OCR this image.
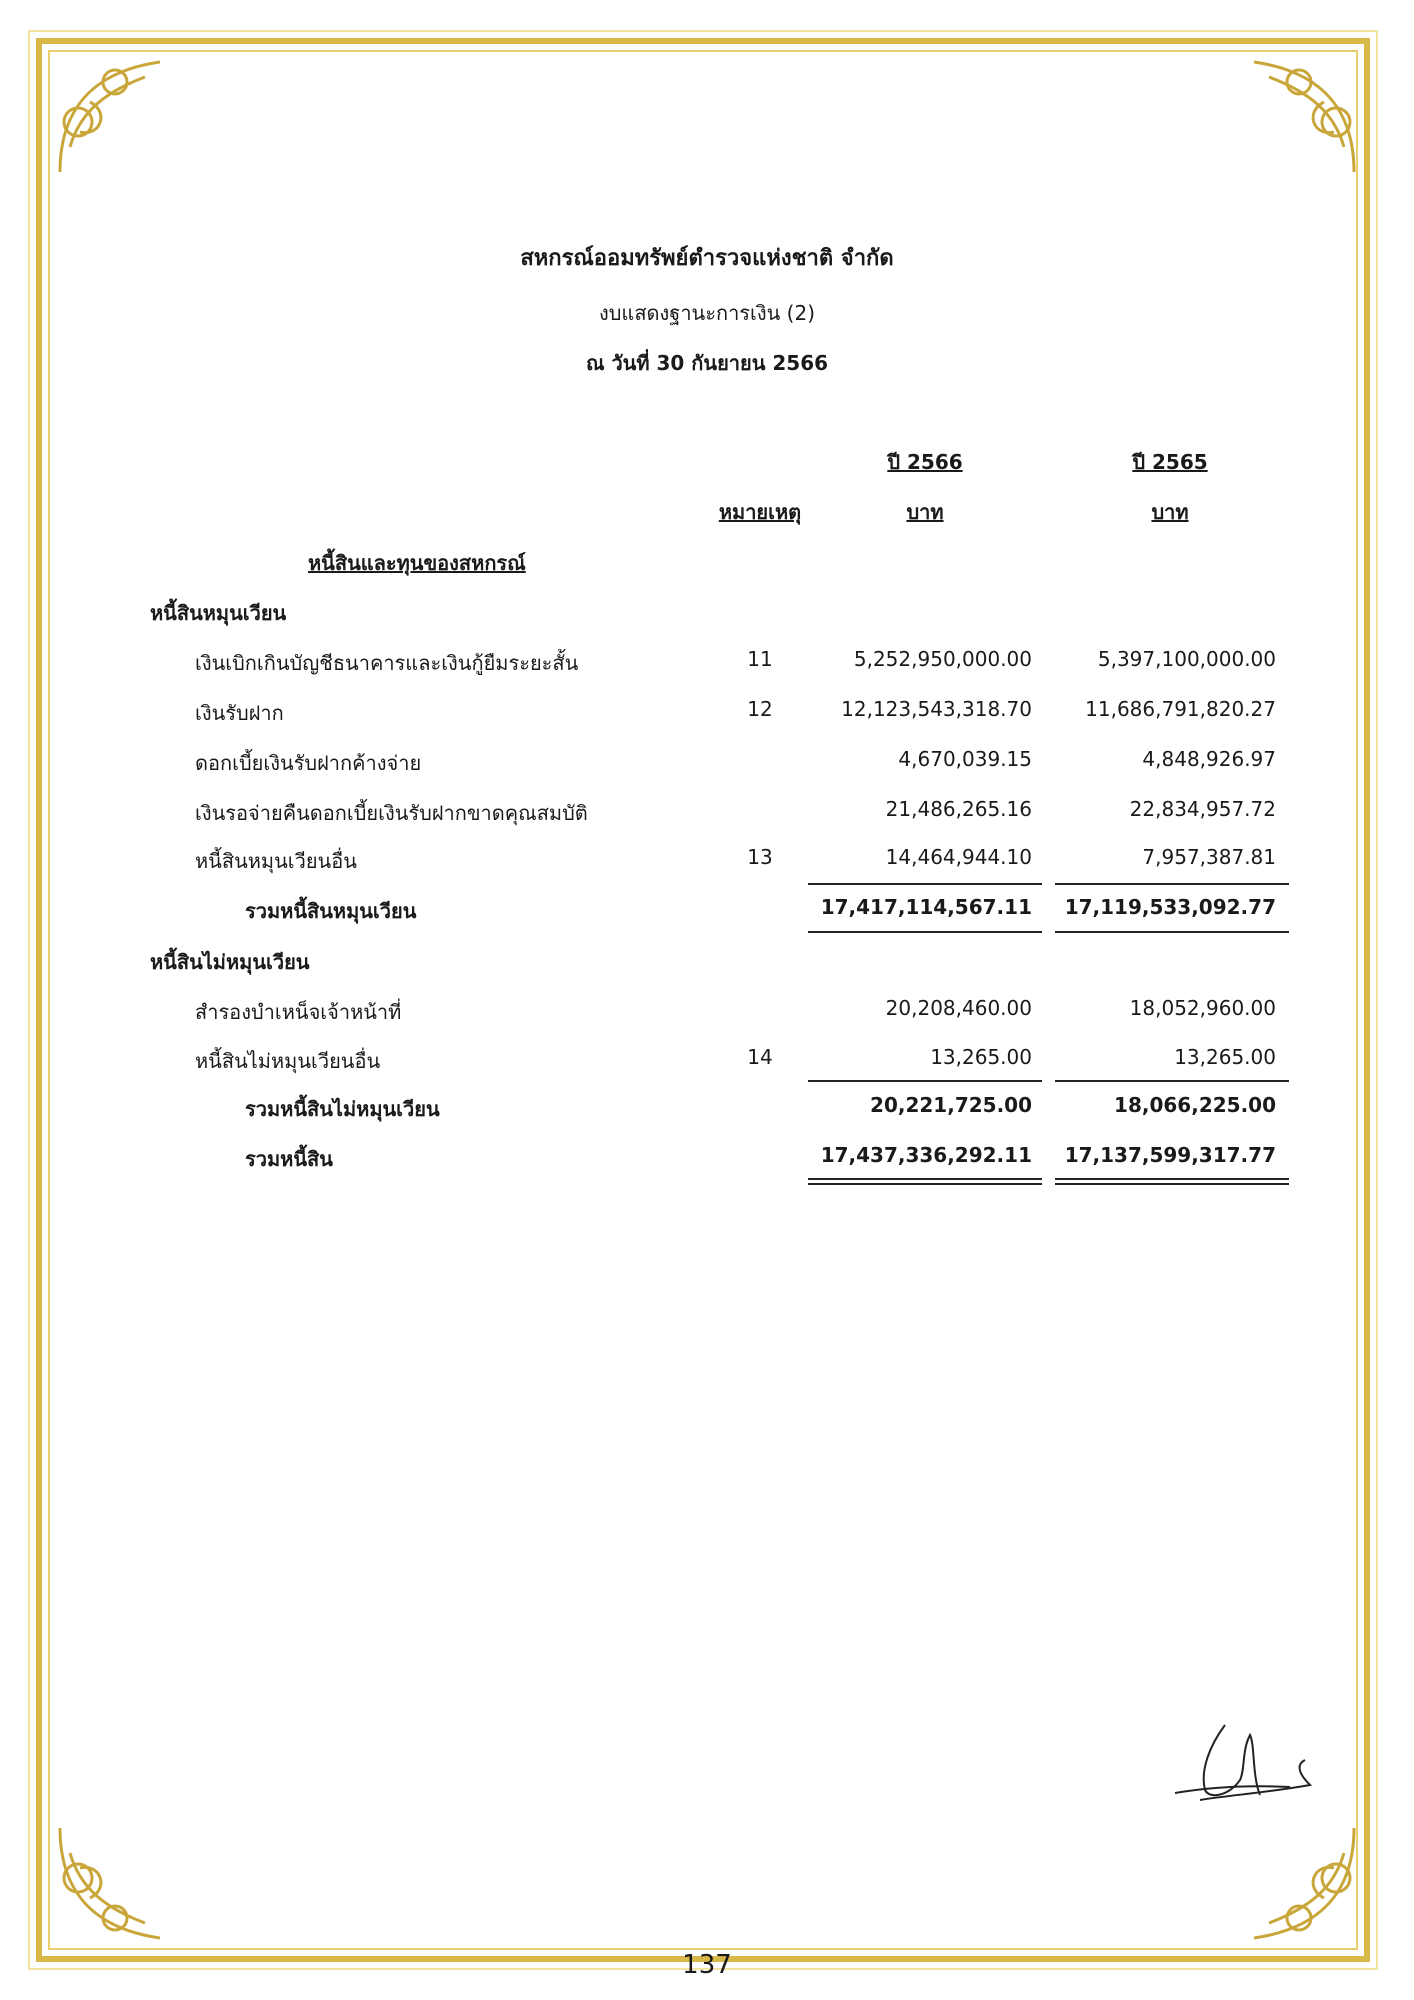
สหกรณ์ออมทรัพย์ตำรวจแห่งชาติ จำกัด
งบแสดงฐานะการเงิน (2)
ณ วันที่ 30 กันยายน 2566
ปี 2566	ปี 2565
หมายเหตุ	บาท	บาท
หนี้สินและทุนของสหกรณ์
หนี้สินหมุนเวียน
เงินเบิกเกินบัญชีธนาคารและเงินกู้ยืมระยะสั้น	11	5,252,950,000.00	5,397,100,000.00
เงินรับฝาก	12	12,123,543,318.70	11,686,791,820.27
ดอกเบี้ยเงินรับฝากค้างจ่าย	4,670,039.15	4,848,926.97
เงินรอจ่ายคืนดอกเบี้ยเงินรับฝากขาดคุณสมบัติ	21,486,265.16	22,834,957.72
หนี้สินหมุนเวียนอื่น	13	14,464,944.10	7,957,387.81
รวมหนี้สินหมุนเวียน	17,417,114,567.11	17,119,533,092.77
หนี้สินไม่หมุนเวียน
สำรองบำเหน็จเจ้าหน้าที่	20,208,460.00	18,052,960.00
หนี้สินไม่หมุนเวียนอื่น	14	13,265.00	13,265.00
รวมหนี้สินไม่หมุนเวียน	20,221,725.00	18,066,225.00
รวมหนี้สิน	17,437,336,292.11	17,137,599,317.77
137
